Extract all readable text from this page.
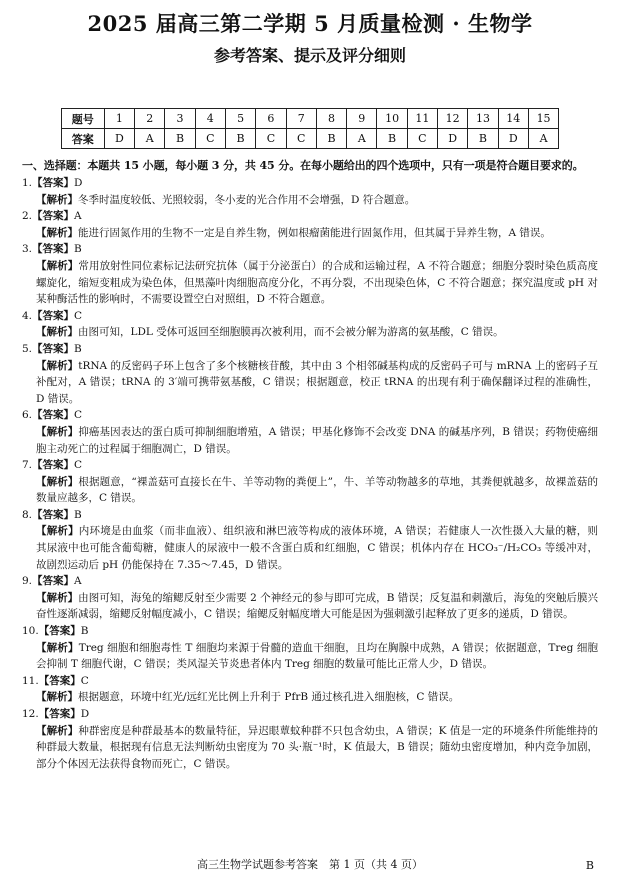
2025 届高三第二学期 5 月质量检测 · 生物学
参考答案、提示及评分细则
题号	1	2	3	4	5	6	7	8	9	10	11	12	13	14	15
答案	D	A	B	C	B	C	C	B	A	B	C	D	B	D	A
一、选择题：本题共 15 小题，每小题 3 分，共 45 分。在每小题给出的四个选项中，只有一项是符合题目要求的。
1.【答案】D
【解析】冬季时温度较低、光照较弱，冬小麦的光合作用不会增强，D 符合题意。
2.【答案】A
【解析】能进行固氮作用的生物不一定是自养生物，例如根瘤菌能进行固氮作用，但其属于异养生物，A 错误。
3.【答案】B
【解析】常用放射性同位素标记法研究抗体（属于分泌蛋白）的合成和运输过程，A 不符合题意；细胞分裂时染色质高度螺旋化，缩短变粗成为染色体，但黑藻叶肉细胞高度分化，不再分裂，不出现染色体，C 不符合题意；探究温度或 pH 对某种酶活性的影响时，不需要设置空白对照组，D 不符合题意。
4.【答案】C
【解析】由图可知，LDL 受体可返回至细胞膜再次被利用，而不会被分解为游离的氨基酸，C 错误。
5.【答案】B
【解析】tRNA 的反密码子环上包含了多个核糖核苷酸，其中由 3 个相邻碱基构成的反密码子可与 mRNA 上的密码子互补配对，A 错误；tRNA 的 3′端可携带氨基酸，C 错误；根据题意，校正 tRNA 的出现有利于确保翻译过程的准确性，D 错误。
6.【答案】C
【解析】抑癌基因表达的蛋白质可抑制细胞增殖，A 错误；甲基化修饰不会改变 DNA 的碱基序列，B 错误；药物使癌细胞主动死亡的过程属于细胞凋亡，D 错误。
7.【答案】C
【解析】根据题意，“裸盖菇可直接长在牛、羊等动物的粪便上”，牛、羊等动物越多的草地，其粪便就越多，故裸盖菇的数量应越多，C 错误。
8.【答案】B
【解析】内环境是由血浆（而非血液）、组织液和淋巴液等构成的液体环境，A 错误；若健康人一次性摄入大量的糖，则其尿液中也可能含葡萄糖，健康人的尿液中一般不含蛋白质和红细胞，C 错误；机体内存在 HCO₃⁻/H₂CO₃ 等缓冲对，故剧烈运动后 pH 仍能保持在 7.35～7.45，D 错误。
9.【答案】A
【解析】由图可知，海兔的缩鳃反射至少需要 2 个神经元的参与即可完成，B 错误；反复温和刺激后，海兔的突触后膜兴奋性逐渐减弱，缩鳃反射幅度减小，C 错误；缩鳃反射幅度增大可能是因为强刺激引起释放了更多的递质，D 错误。
10.【答案】B
【解析】Treg 细胞和细胞毒性 T 细胞均来源于骨髓的造血干细胞，且均在胸腺中成熟，A 错误；依据题意，Treg 细胞会抑制 T 细胞代谢，C 错误；类风湿关节炎患者体内 Treg 细胞的数量可能比正常人少，D 错误。
11.【答案】C
【解析】根据题意，环境中红光/远红光比例上升利于 PfrB 通过核孔进入细胞核，C 错误。
12.【答案】D
【解析】种群密度是种群最基本的数量特征，异迟眼蕈蚊种群不只包含幼虫，A 错误；K 值是一定的环境条件所能维持的种群最大数量，根据现有信息无法判断幼虫密度为 70 头·瓶⁻¹时，K 值最大，B 错误；随幼虫密度增加，种内竞争加剧，部分个体因无法获得食物而死亡，C 错误。
高三生物学试题参考答案　第 1 页（共 4 页）	B
